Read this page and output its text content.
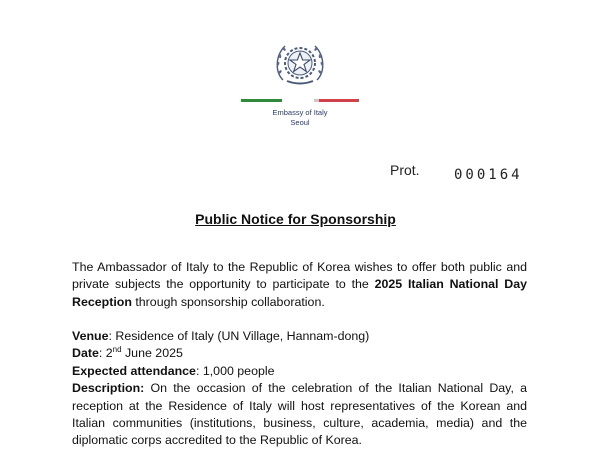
Embassy of Italy
Seoul
Prot. 000164
Public Notice for Sponsorship
The Ambassador of Italy to the Republic of Korea wishes to offer both public and private subjects the opportunity to participate to the 2025 Italian National Day Reception through sponsorship collaboration.
Venue: Residence of Italy (UN Village, Hannam-dong)
Date: 2nd June 2025
Expected attendance: 1,000 people
Description: On the occasion of the celebration of the Italian National Day, a reception at the Residence of Italy will host representatives of the Korean and Italian communities (institutions, business, culture, academia, media) and the diplomatic corps accredited to the Republic of Korea.
